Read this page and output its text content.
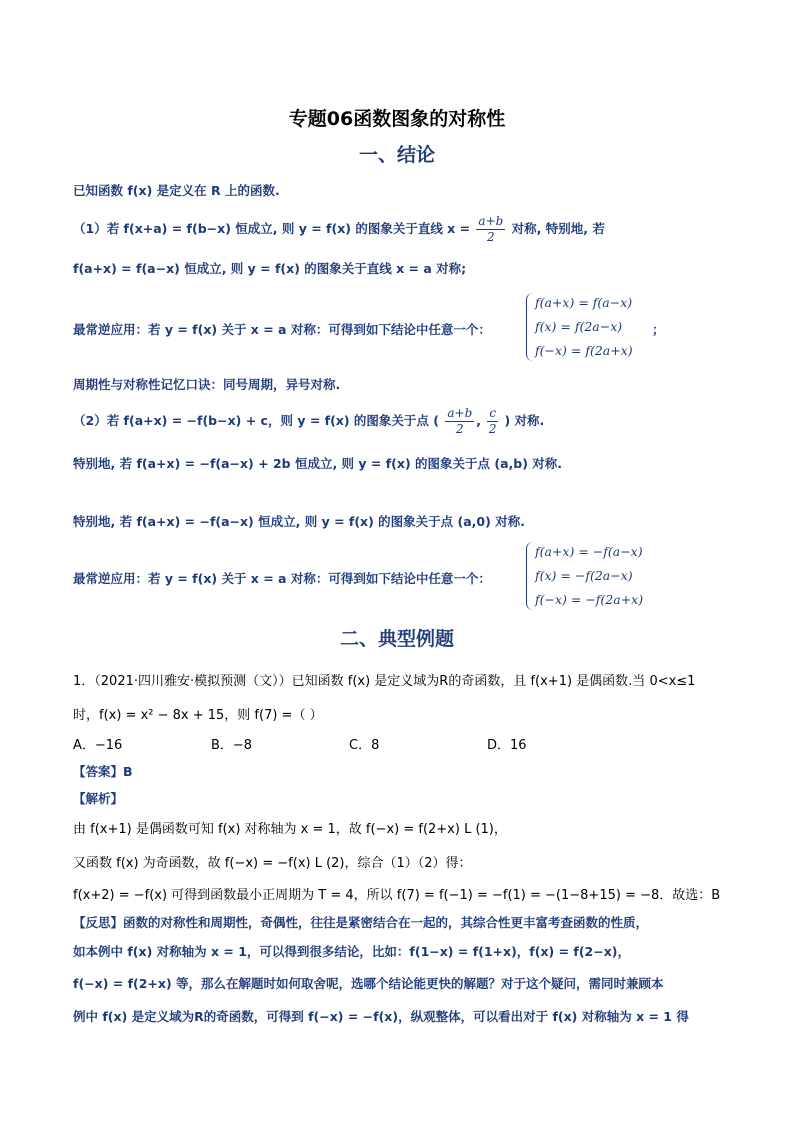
专题06函数图象的对称性
一、结论
已知函数 f(x) 是定义在 R 上的函数.
（1）若 f(x+a) = f(b−x) 恒成立, 则 y = f(x) 的图象关于直线 $x = \frac{a+b}{2}$ 对称, 特别地, 若
f(a+x) = f(a−x) 恒成立, 则 y = f(x) 的图象关于直线 x = a 对称;
最常逆应用：若 y = f(x) 关于 x = a 对称：可得到如下结论中任意一个：
f(a+x) = f(a−x)
f(x) = f(2a−x)
f(−x) = f(2a+x)
；
周期性与对称性记忆口诀：同号周期，异号对称.
（2）若 f(a+x) = −f(b−x) + c，则 y = f(x) 的图象关于点 ( $\frac{a+b}{2}$ , $\frac{c}{2}$ ) 对称.
特别地, 若 f(a+x) = −f(a−x) + 2b 恒成立, 则 y = f(x) 的图象关于点 (a,b) 对称.
特别地, 若 f(a+x) = −f(a−x) 恒成立, 则 y = f(x) 的图象关于点 (a,0) 对称.
最常逆应用：若 y = f(x) 关于 x = a 对称：可得到如下结论中任意一个：
f(a+x) = −f(a−x)
f(x) = −f(2a−x)
f(−x) = −f(2a+x)
二、典型例题
1．（2021·四川雅安·模拟预测（文））已知函数 f(x) 是定义域为R的奇函数，且 f(x+1) 是偶函数.当 0<x≤1
时，f(x) = x² − 8x + 15，则 f(7) =（ ）
A．−16	B．−8	C．8	D．16
【答案】B
【解析】
由 f(x+1) 是偶函数可知 f(x) 对称轴为 x = 1，故 f(−x) = f(2+x) L (1)，
又函数 f(x) 为奇函数，故 f(−x) = −f(x) L (2)，综合（1）（2）得：
f(x+2) = −f(x) 可得到函数最小正周期为 T = 4，所以 f(7) = f(−1) = −f(1) = −(1−8+15) = −8．故选：B
【反思】函数的对称性和周期性，奇偶性，往往是紧密结合在一起的，其综合性更丰富考查函数的性质，
如本例中 f(x) 对称轴为 x = 1，可以得到很多结论，比如：f(1−x) = f(1+x)，f(x) = f(2−x)，
f(−x) = f(2+x) 等，那么在解题时如何取舍呢，选哪个结论能更快的解题？对于这个疑问，需同时兼顾本
例中 f(x) 是定义域为R的奇函数，可得到 f(−x) = −f(x)，纵观整体，可以看出对于 f(x) 对称轴为 x = 1 得
